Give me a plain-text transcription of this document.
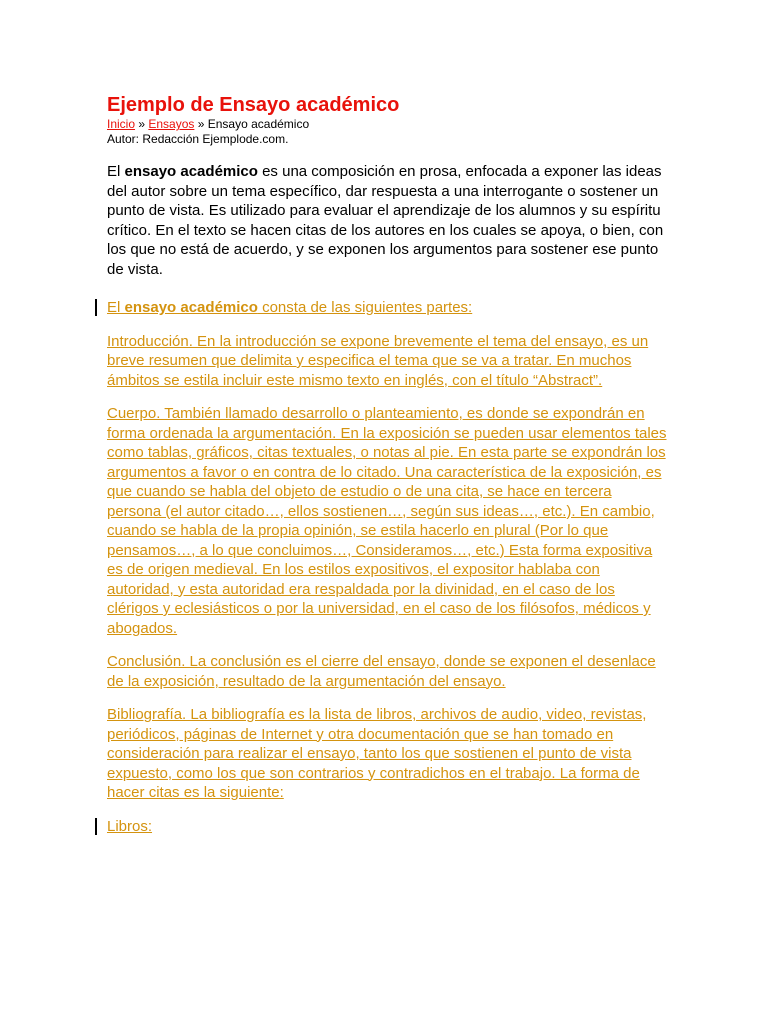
Ejemplo de Ensayo académico
Inicio » Ensayos » Ensayo académico
Autor: Redacción Ejemplode.com.

El ensayo académico es una composición en prosa, enfocada a exponer las ideas del autor sobre un tema específico, dar respuesta a una interrogante o sostener un punto de vista. Es utilizado para evaluar el aprendizaje de los alumnos y su espíritu crítico. En el texto se hacen citas de los autores en los cuales se apoya, o bien, con los que no está de acuerdo, y se exponen los argumentos para sostener ese punto de vista.

El ensayo académico consta de las siguientes partes:
Introducción. En la introducción se expone brevemente el tema del ensayo, es un breve resumen que delimita y especifica el tema que se va a tratar. En muchos ámbitos se estila incluir este mismo texto en inglés, con el título “Abstract”.
Cuerpo. También llamado desarrollo o planteamiento, es donde se expondrán en forma ordenada la argumentación. En la exposición se pueden usar elementos tales como tablas, gráficos, citas textuales, o notas al pie. En esta parte se expondrán los argumentos a favor o en contra de lo citado. Una característica de la exposición, es que cuando se habla del objeto de estudio o de una cita, se hace en tercera persona (el autor citado…, ellos sostienen…, según sus ideas…, etc.). En cambio, cuando se habla de la propia opinión, se estila hacerlo en plural (Por lo que pensamos…, a lo que concluimos…, Consideramos…, etc.) Esta forma expositiva es de origen medieval. En los estilos expositivos, el expositor hablaba con autoridad, y esta autoridad era respaldada por la divinidad, en el caso de los clérigos y eclesiásticos o por la universidad, en el caso de los filósofos, médicos y abogados.
Conclusión. La conclusión es el cierre del ensayo, donde se exponen el desenlace de la exposición, resultado de la argumentación del ensayo.
Bibliografía. La bibliografía es la lista de libros, archivos de audio, video, revistas, periódicos, páginas de Internet y otra documentación que se han tomado en consideración para realizar el ensayo, tanto los que sostienen el punto de vista expuesto, como los que son contrarios y contradichos en el trabajo. La forma de hacer citas es la siguiente:
Libros:
